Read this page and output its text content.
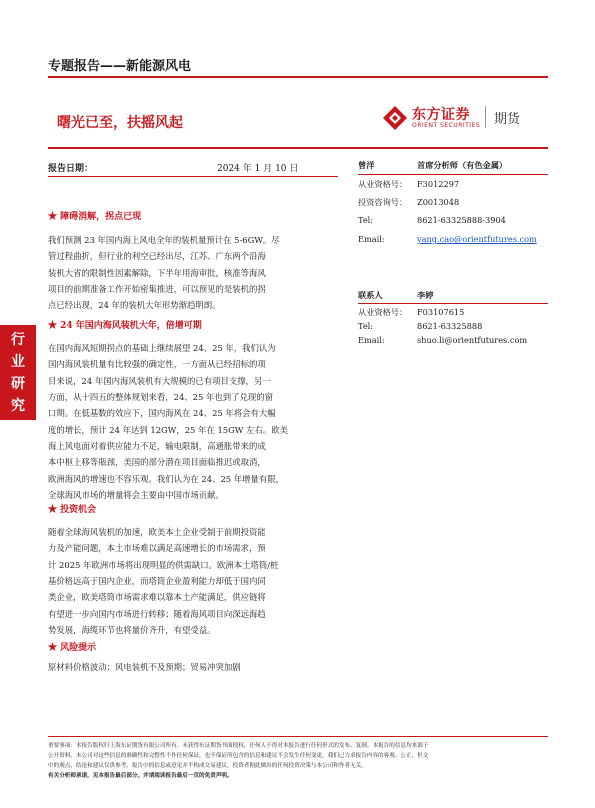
专题报告——新能源风电
曙光已至，扶摇风起	东方证券
ORIENT SECURITIES 期货
报告日期：	2024 年 1 月 10 日
行
业
研
究
★ 障碍消解，拐点已现
我们预测 23 年国内海上风电全年的装机量预计在 5-6GW。尽
管过程曲折，但行业的利空已经出尽，江苏、广东两个沿海
装机大省的限制性因素解除，下半年用海审批，核准等海风
项目的前期准备工作开始密集推进，可以预见的是装机的拐
点已经出现，24 年的装机大年形势渐趋明朗。
★ 24 年国内海风装机大年，倍增可期
在国内海风短期拐点的基础上继续展望 24、25 年，我们认为
国内海风装机量有比较强的确定性，一方面从已经招标的项
目来说，24 年国内海风装机有大规模的已有项目支撑，另一
方面，从十四五的整体规划来看，24、25 年也到了兑现的窗
口期。在低基数的效应下，国内海风在 24、25 年将会有大幅
度的增长，预计 24 年达到 12GW，25 年在 15GW 左右。欧美
海上风电面对着供应能力不足，输电限制，高通胀带来的成
本中枢上移等瓶颈，美国的部分潜在项目面临推迟或取消，
欧洲海风的增速也不容乐观。我们认为在 24、25 年增量有限，
全球海风市场的增量将会主要由中国市场贡献。
★ 投资机会
随着全球海风装机的加速，欧美本土企业受制于前期投资能
力及产能问题，本土市场难以满足高速增长的市场需求，预
计 2025 年欧洲市场将出现明显的供需缺口。欧洲本土塔筒/桩
基价格远高于国内企业，而塔筒企业盈利能力却低于国内同
类企业，欧美塔筒市场需求难以靠本土产能满足，供应链将
有望进一步向国内市场进行转移；随着海风项目向深远海趋
势发展，海缆环节也将量价齐升，有望受益。
★ 风险提示
原材料价格波动；风电装机不及预期；贸易冲突加剧
曾洋	首席分析师（有色金属）
从业资格号： F3012297
投资咨询号： Z0013048
Tel:	8621-63325888-3904
Email:	yang.cao@orientfutures.com
联系人	李婷
从业资格号： F03107615
Tel:	8621-63325888
Email:	shuo.li@orientfutures.com
重要事项：本报告版权归上海东证期货有限公司所有。未获得东证期货书面授权，任何人不得对本报告进行任何形式的发布、复制。本报告的信息均来源于
公开资料，本公司对这些信息的准确性和完整性不作任何保证，也不保证所包含的信息和建议不会发生任何变更。我们已力求报告内容的客观、公正，但文
中的观点、结论和建议仅供参考，报告中的信息或意见并不构成交易建议，投资者据此做出的任何投资决策与本公司和作者无关。
有关分析师承诺，见本报告最后部分。并请阅读报告最后一页的免责声明。
